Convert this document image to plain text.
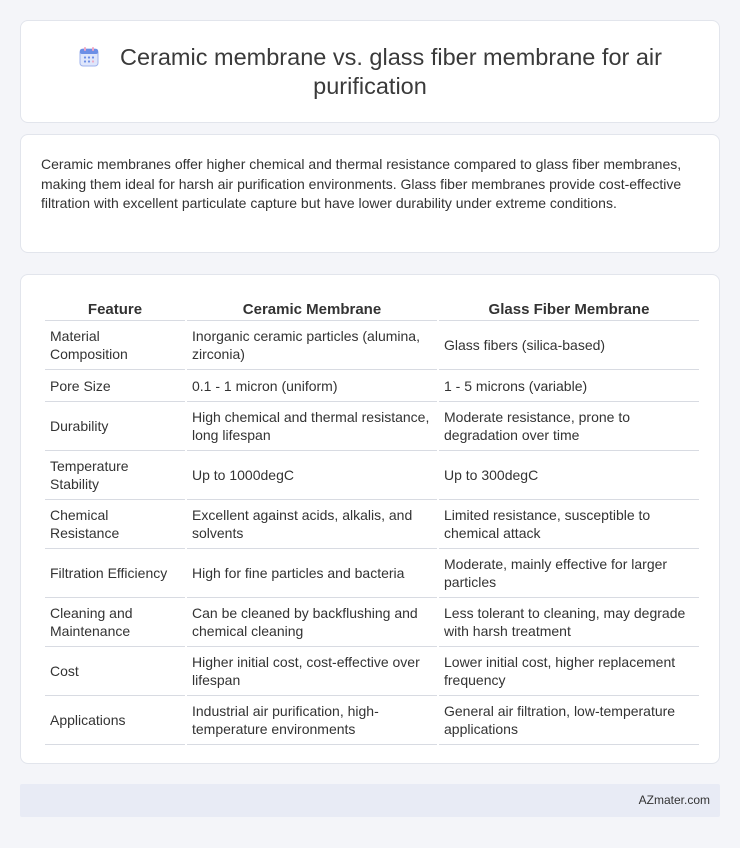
Ceramic membrane vs. glass fiber membrane for air purification

Ceramic membranes offer higher chemical and thermal resistance compared to glass fiber membranes, making them ideal for harsh air purification environments. Glass fiber membranes provide cost-effective filtration with excellent particulate capture but have lower durability under extreme conditions.

Feature	Ceramic Membrane	Glass Fiber Membrane
Material Composition	Inorganic ceramic particles (alumina, zirconia)	Glass fibers (silica-based)
Pore Size	0.1 - 1 micron (uniform)	1 - 5 microns (variable)
Durability	High chemical and thermal resistance, long lifespan	Moderate resistance, prone to degradation over time
Temperature Stability	Up to 1000degC	Up to 300degC
Chemical Resistance	Excellent against acids, alkalis, and solvents	Limited resistance, susceptible to chemical attack
Filtration Efficiency	High for fine particles and bacteria	Moderate, mainly effective for larger particles
Cleaning and Maintenance	Can be cleaned by backflushing and chemical cleaning	Less tolerant to cleaning, may degrade with harsh treatment
Cost	Higher initial cost, cost-effective over lifespan	Lower initial cost, higher replacement frequency
Applications	Industrial air purification, high-temperature environments	General air filtration, low-temperature applications
AZmater.com
